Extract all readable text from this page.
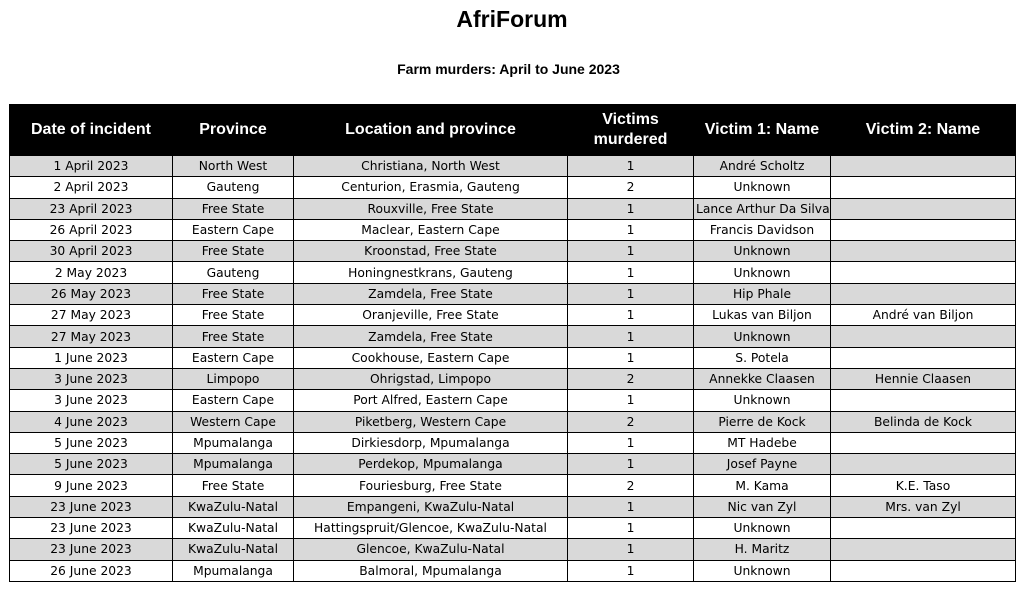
AfriForum
Farm murders: April to June 2023
Date of incident	Province	Location and province	Victims murdered	Victim 1: Name	Victim 2: Name
1 April 2023	North West	Christiana, North West	1	André Scholtz	
2 April 2023	Gauteng	Centurion, Erasmia, Gauteng	2	Unknown	
23 April 2023	Free State	Rouxville, Free State	1	Lance Arthur Da Silva	
26 April 2023	Eastern Cape	Maclear, Eastern Cape	1	Francis Davidson	
30 April 2023	Free State	Kroonstad, Free State	1	Unknown	
2 May 2023	Gauteng	Honingnestkrans, Gauteng	1	Unknown	
26 May 2023	Free State	Zamdela, Free State	1	Hip Phale	
27 May 2023	Free State	Oranjeville, Free State	1	Lukas van Biljon	André van Biljon
27 May 2023	Free State	Zamdela, Free State	1	Unknown	
1 June 2023	Eastern Cape	Cookhouse, Eastern Cape	1	S. Potela	
3 June 2023	Limpopo	Ohrigstad, Limpopo	2	Annekke Claasen	Hennie Claasen
3 June 2023	Eastern Cape	Port Alfred, Eastern Cape	1	Unknown	
4 June 2023	Western Cape	Piketberg, Western Cape	2	Pierre de Kock	Belinda de Kock
5 June 2023	Mpumalanga	Dirkiesdorp, Mpumalanga	1	MT Hadebe	
5 June 2023	Mpumalanga	Perdekop, Mpumalanga	1	Josef Payne	
9 June 2023	Free State	Fouriesburg, Free State	2	M. Kama	K.E. Taso
23 June 2023	KwaZulu-Natal	Empangeni, KwaZulu-Natal	1	Nic van Zyl	Mrs. van Zyl
23 June 2023	KwaZulu-Natal	Hattingspruit/Glencoe, KwaZulu-Natal	1	Unknown	
23 June 2023	KwaZulu-Natal	Glencoe, KwaZulu-Natal	1	H. Maritz	
26 June 2023	Mpumalanga	Balmoral, Mpumalanga	1	Unknown	
